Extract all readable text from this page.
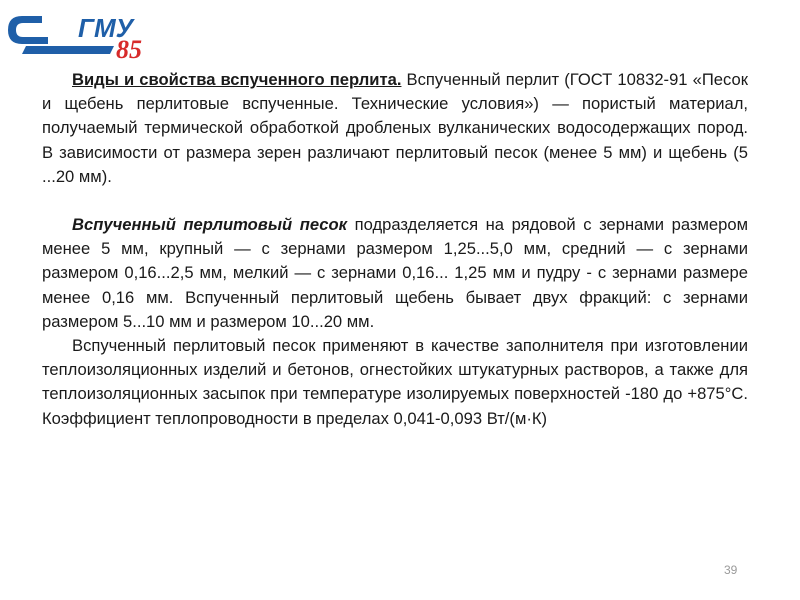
ГМУ
85

Виды и свойства вспученного перлита. Вспученный перлит (ГОСТ 10832-91 «Песок и щебень перлитовые вспученные. Технические условия») — пористый материал, получаемый термической обработкой дробленых вулканических водосодержащих пород. В зависимости от размера зерен различают перлитовый песок (менее 5 мм) и щебень (5 ...20 мм).

Вспученный перлитовый песок подразделяется на рядовой с зернами размером менее 5 мм, крупный — с зернами размером 1,25...5,0 мм, средний — с зернами размером 0,16...2,5 мм, мелкий — с зернами 0,16... 1,25 мм и пудру - с зернами размере менее 0,16 мм. Вспученный перлитовый щебень бывает двух фракций: с зернами размером 5...10 мм и размером 10...20 мм.

Вспученный перлитовый песок применяют в качестве заполнителя при изготовлении теплоизоляционных изделий и бетонов, огнестойких штукатурных растворов, а также для теплоизоляционных засыпок при температуре изолируемых поверхностей -180 до +875°С. Коэффициент теплопроводности в пределах 0,041-0,093 Вт/(м·К)

39
